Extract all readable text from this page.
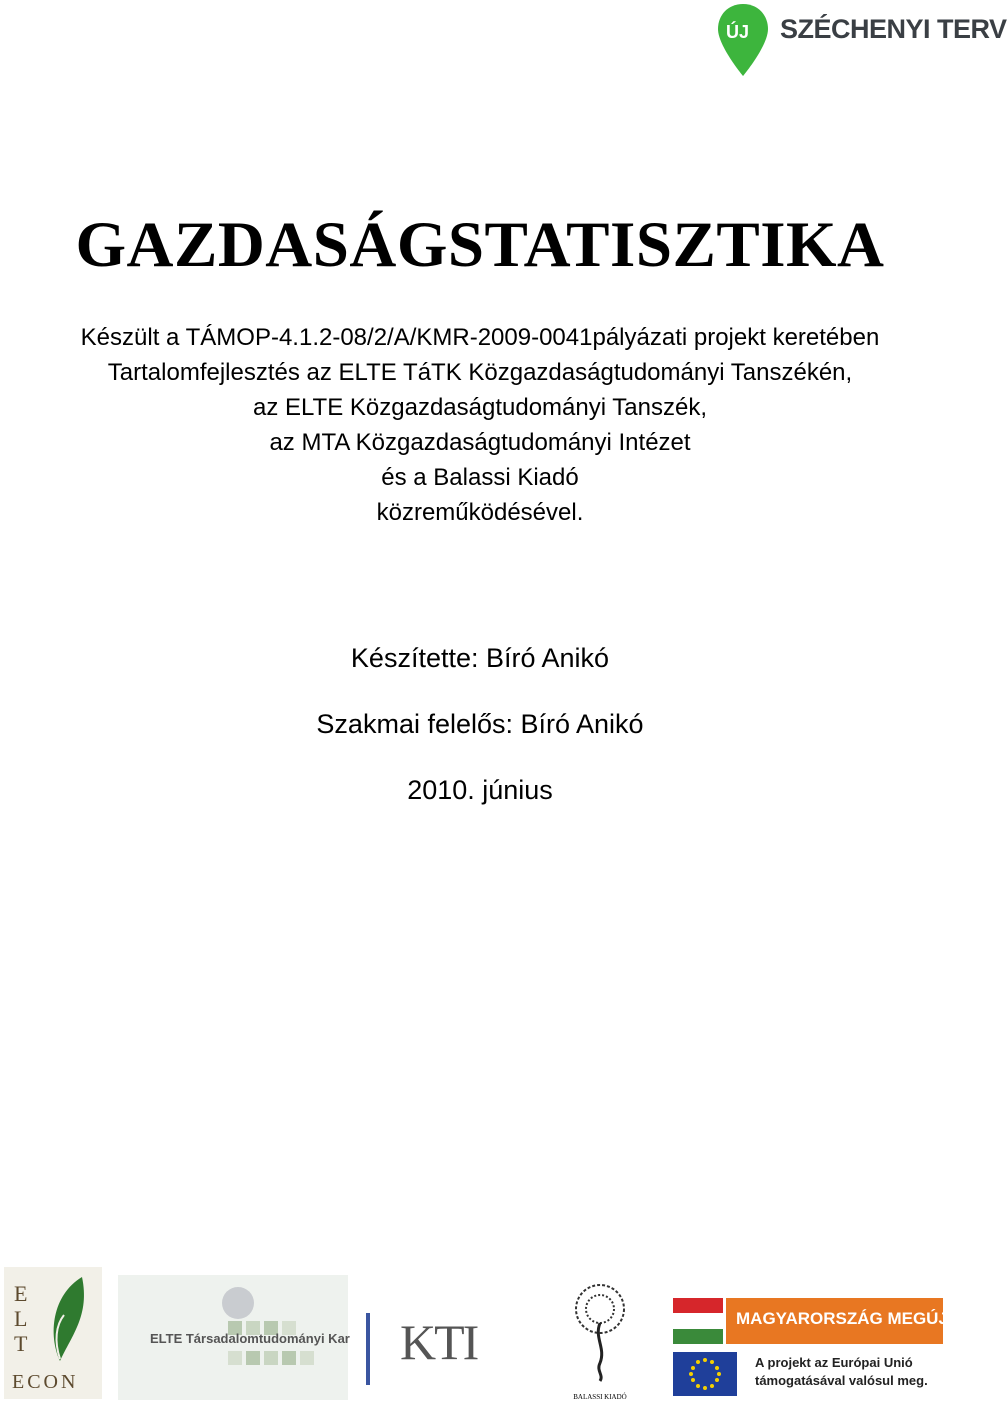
ÚJ SZÉCHENYI TERV
GAZDASÁGSTATISZTIKA
Készült a TÁMOP-4.1.2-08/2/A/KMR-2009-0041pályázati projekt keretében
Tartalomfejlesztés az ELTE TáTK Közgazdaságtudományi Tanszékén,
az ELTE Közgazdaságtudományi Tanszék,
az MTA Közgazdaságtudományi Intézet
és a Balassi Kiadó
közreműködésével.
Készítette: Bíró Anikó
Szakmai felelős: Bíró Anikó
2010. június
E
L
T
ECON
ELTE Társadalomtudományi Kar KTI
BALASSI KIADÓ
MAGYARORSZÁG MEGÚJUL
A projekt az Európai Unió
támogatásával valósul meg.
